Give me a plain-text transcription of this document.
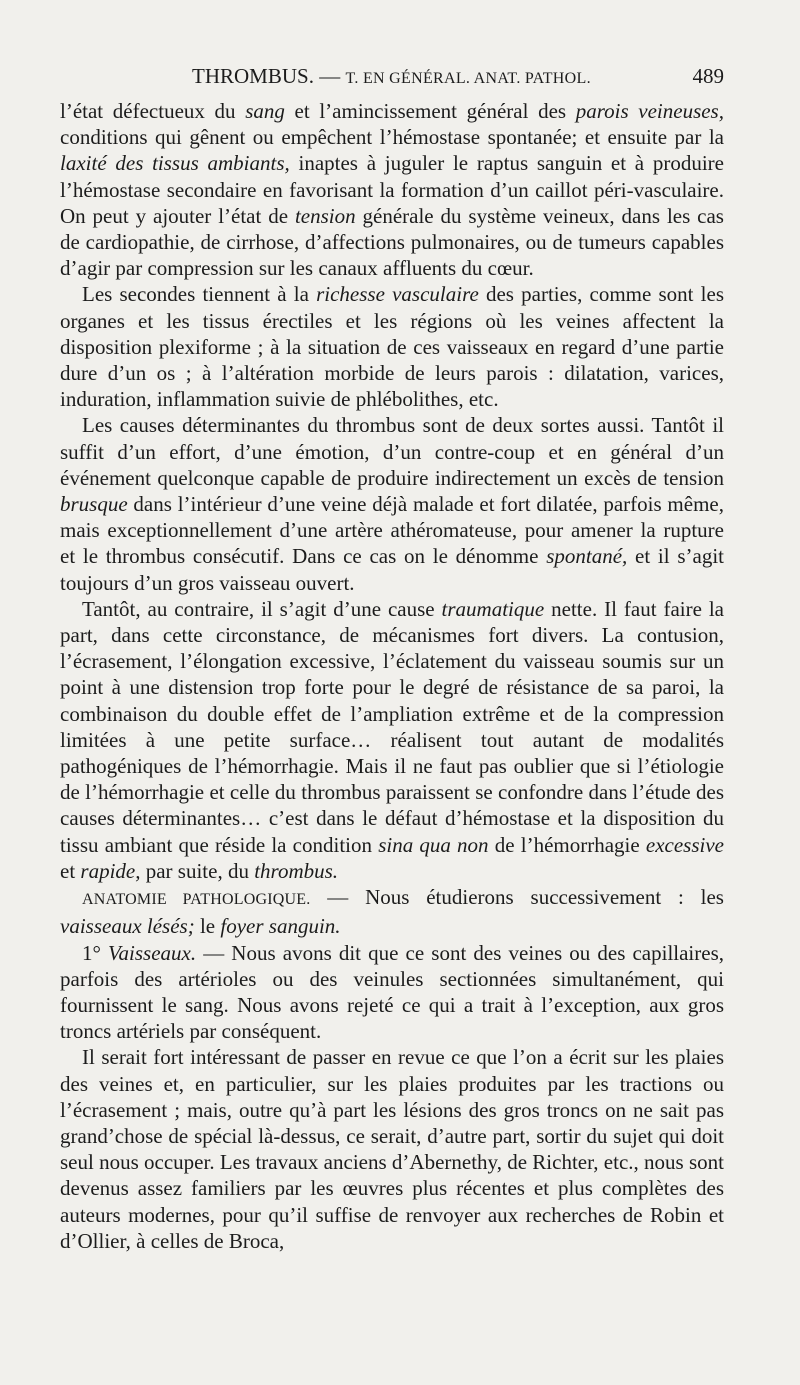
THROMBUS. — T. EN GÉNÉRAL. ANAT. PATHOL.	489

l’état défectueux du sang et l’amincissement général des parois veineuses, conditions qui gênent ou empêchent l’hémostase spontanée; et ensuite par la laxité des tissus ambiants, inaptes à juguler le raptus sanguin et à produire l’hémostase secondaire en favorisant la formation d’un caillot péri-vasculaire. On peut y ajouter l’état de tension générale du système veineux, dans les cas de cardiopathie, de cirrhose, d’affections pulmonaires, ou de tumeurs capables d’agir par compression sur les canaux affluents du cœur.

Les secondes tiennent à la richesse vasculaire des parties, comme sont les organes et les tissus érectiles et les régions où les veines affectent la disposition plexiforme ; à la situation de ces vaisseaux en regard d’une partie dure d’un os ; à l’altération morbide de leurs parois : dilatation, varices, induration, inflammation suivie de phlébolithes, etc.

Les causes déterminantes du thrombus sont de deux sortes aussi. Tantôt il suffit d’un effort, d’une émotion, d’un contre-coup et en général d’un événement quelconque capable de produire indirectement un excès de tension brusque dans l’intérieur d’une veine déjà malade et fort dilatée, parfois même, mais exceptionnellement d’une artère athéromateuse, pour amener la rupture et le thrombus consécutif. Dans ce cas on le dénomme spontané, et il s’agit toujours d’un gros vaisseau ouvert.

Tantôt, au contraire, il s’agit d’une cause traumatique nette. Il faut faire la part, dans cette circonstance, de mécanismes fort divers. La contusion, l’écrasement, l’élongation excessive, l’éclatement du vaisseau soumis sur un point à une distension trop forte pour le degré de résistance de sa paroi, la combinaison du double effet de l’ampliation extrême et de la compression limitées à une petite surface… réalisent tout autant de modalités pathogéniques de l’hémorrhagie. Mais il ne faut pas oublier que si l’étiologie de l’hémorrhagie et celle du thrombus paraissent se confondre dans l’étude des causes déterminantes… c’est dans le défaut d’hémostase et la disposition du tissu ambiant que réside la condition sina qua non de l’hémorrhagie excessive et rapide, par suite, du thrombus.

ANATOMIE PATHOLOGIQUE. — Nous étudierons successivement : les vaisseaux lésés; le foyer sanguin.

1° Vaisseaux. — Nous avons dit que ce sont des veines ou des capillaires, parfois des artérioles ou des veinules sectionnées simultanément, qui fournissent le sang. Nous avons rejeté ce qui a trait à l’exception, aux gros troncs artériels par conséquent.

Il serait fort intéressant de passer en revue ce que l’on a écrit sur les plaies des veines et, en particulier, sur les plaies produites par les tractions ou l’écrasement ; mais, outre qu’à part les lésions des gros troncs on ne sait pas grand’chose de spécial là-dessus, ce serait, d’autre part, sortir du sujet qui doit seul nous occuper. Les travaux anciens d’Abernethy, de Richter, etc., nous sont devenus assez familiers par les œuvres plus récentes et plus complètes des auteurs modernes, pour qu’il suffise de renvoyer aux recherches de Robin et d’Ollier, à celles de Broca,
